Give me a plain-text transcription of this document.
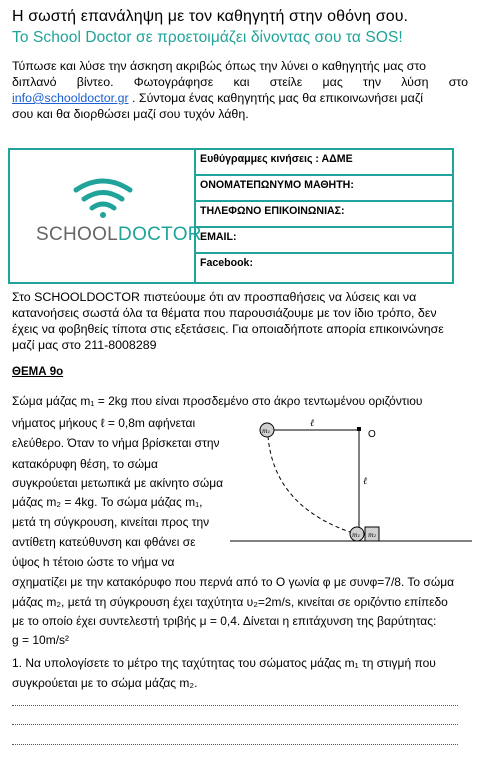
Η σωστή επανάληψη με τον καθηγητή στην οθόνη σου.
Το School Doctor σε προετοιμάζει δίνοντας σου τα SOS!
Τύπωσε και λύσε την άσκηση ακριβώς όπως την λύνει ο καθηγητής μας στο
διπλανό βίντεο. Φωτογράφησε και στείλε μας την λύση στο
info@schooldoctor.gr . Σύντομα ένας καθηγητής μας θα επικοινωνήσει μαζί
σου και θα διορθώσει μαζί σου τυχόν λάθη.
SCHOOLDOCTOR
Ευθύγραμμες κινήσεις : ΑΔΜΕ
ΟΝΟΜΑΤΕΠΩΝΥΜΟ ΜΑΘΗΤΗ:
ΤΗΛΕΦΩΝΟ ΕΠΙΚΟΙΝΩΝΙΑΣ:
EMAIL:
Facebook:
Στο SCHOOLDOCTOR πιστεύουμε ότι αν προσπαθήσεις να λύσεις και να
κατανοήσεις σωστά όλα τα θέματα που παρουσιάζουμε με τον ίδιο τρόπο, δεν
έχεις να φοβηθείς τίποτα στις εξετάσεις. Για οποιαδήποτε απορία επικοινώνησε
μαζί μας στο 211-8008289
ΘΕΜΑ 9ο
Σώμα μάζας m₁ = 2kg που είναι προσδεμένο στο άκρο τεντωμένου οριζόντιου
νήματος μήκους ℓ = 0,8m αφήνεται
ελεύθερο. Όταν το νήμα βρίσκεται στην
κατακόρυφη θέση, το σώμα
συγκρούεται μετωπικά με ακίνητο σώμα
μάζας m₂ = 4kg. Το σώμα μάζας m₁,
μετά τη σύγκρουση, κινείται προς την
αντίθετη κατεύθυνση και φθάνει σε
ύψος h τέτοιο ώστε το νήμα να
σχηματίζει με την κατακόρυφο που περνά από το O γωνία φ με συνφ=7/8. Το σώμα
μάζας m₂, μετά τη σύγκρουση έχει ταχύτητα υ₂=2m/s, κινείται σε οριζόντιο επίπεδο
με το οποίο έχει συντελεστή τριβής μ = 0,4. Δίνεται η επιτάχυνση της βαρύτητας:
g = 10m/s²
1. Να υπολογίσετε το μέτρο της ταχύτητας του σώματος μάζας m₁ τη στιγμή που
συγκρούεται με το σώμα μάζας m₂.
ℓ
O
ℓ
m₁
m₁ m₂
